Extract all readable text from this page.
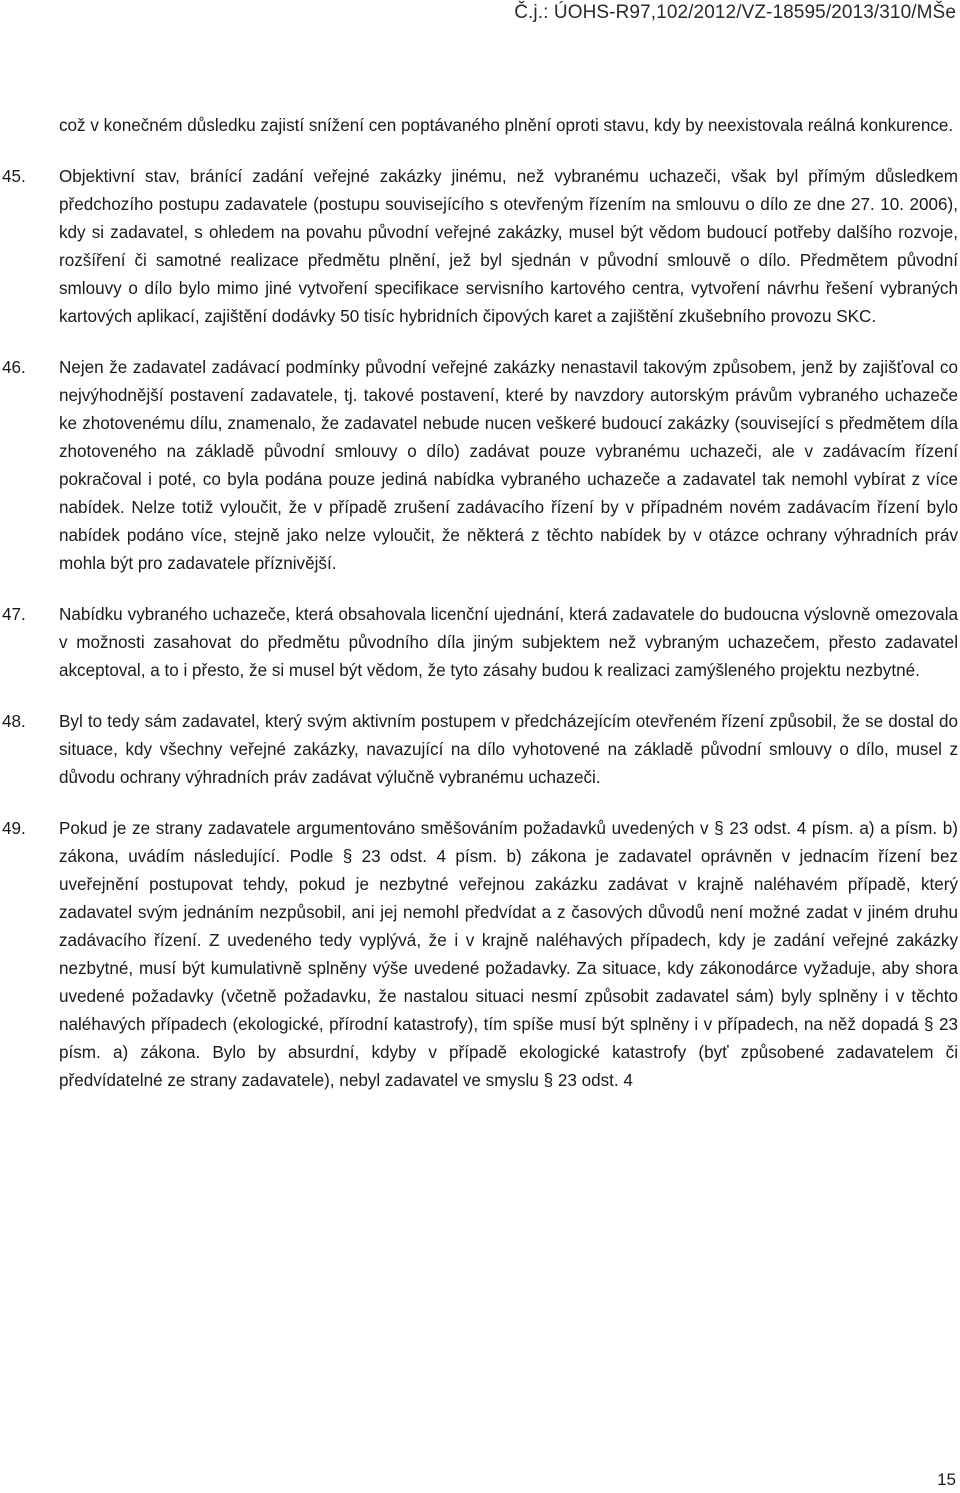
Č.j.: ÚOHS-R97,102/2012/VZ-18595/2013/310/MŠe

což v konečném důsledku zajistí snížení cen poptávaného plnění oproti stavu, kdy by neexistovala reálná konkurence.

45. Objektivní stav, bránící zadání veřejné zakázky jinému, než vybranému uchazeči, však byl přímým důsledkem předchozího postupu zadavatele (postupu souvisejícího s otevřeným řízením na smlouvu o dílo ze dne 27. 10. 2006), kdy si zadavatel, s ohledem na povahu původní veřejné zakázky, musel být vědom budoucí potřeby dalšího rozvoje, rozšíření či samotné realizace předmětu plnění, jež byl sjednán v původní smlouvě o dílo. Předmětem původní smlouvy o dílo bylo mimo jiné vytvoření specifikace servisního kartového centra, vytvoření návrhu řešení vybraných kartových aplikací, zajištění dodávky 50 tisíc hybridních čipových karet a zajištění zkušebního provozu SKC.

46. Nejen že zadavatel zadávací podmínky původní veřejné zakázky nenastavil takovým způsobem, jenž by zajišťoval co nejvýhodnější postavení zadavatele, tj. takové postavení, které by navzdory autorským právům vybraného uchazeče ke zhotovenému dílu, znamenalo, že zadavatel nebude nucen veškeré budoucí zakázky (související s předmětem díla zhotoveného na základě původní smlouvy o dílo) zadávat pouze vybranému uchazeči, ale v zadávacím řízení pokračoval i poté, co byla podána pouze jediná nabídka vybraného uchazeče a zadavatel tak nemohl vybírat z více nabídek. Nelze totiž vyloučit, že v případě zrušení zadávacího řízení by v případném novém zadávacím řízení bylo nabídek podáno více, stejně jako nelze vyloučit, že některá z těchto nabídek by v otázce ochrany výhradních práv mohla být pro zadavatele příznivější.

47. Nabídku vybraného uchazeče, která obsahovala licenční ujednání, která zadavatele do budoucna výslovně omezovala v možnosti zasahovat do předmětu původního díla jiným subjektem než vybraným uchazečem, přesto zadavatel akceptoval, a to i přesto, že si musel být vědom, že tyto zásahy budou k realizaci zamýšleného projektu nezbytné.

48. Byl to tedy sám zadavatel, který svým aktivním postupem v předcházejícím otevřeném řízení způsobil, že se dostal do situace, kdy všechny veřejné zakázky, navazující na dílo vyhotovené na základě původní smlouvy o dílo, musel z důvodu ochrany výhradních práv zadávat výlučně vybranému uchazeči.

49. Pokud je ze strany zadavatele argumentováno směšováním požadavků uvedených v § 23 odst. 4 písm. a) a písm. b) zákona, uvádím následující. Podle § 23 odst. 4 písm. b) zákona je zadavatel oprávněn v jednacím řízení bez uveřejnění postupovat tehdy, pokud je nezbytné veřejnou zakázku zadávat v krajně naléhavém případě, který zadavatel svým jednáním nezpůsobil, ani jej nemohl předvídat a z časových důvodů není možné zadat v jiném druhu zadávacího řízení. Z uvedeného tedy vyplývá, že i v krajně naléhavých případech, kdy je zadání veřejné zakázky nezbytné, musí být kumulativně splněny výše uvedené požadavky. Za situace, kdy zákonodárce vyžaduje, aby shora uvedené požadavky (včetně požadavku, že nastalou situaci nesmí způsobit zadavatel sám) byly splněny i v těchto naléhavých případech (ekologické, přírodní katastrofy), tím spíše musí být splněny i v případech, na něž dopadá § 23 písm. a) zákona. Bylo by absurdní, kdyby v případě ekologické katastrofy (byť způsobené zadavatelem či předvídatelné ze strany zadavatele), nebyl zadavatel ve smyslu § 23 odst. 4

15
